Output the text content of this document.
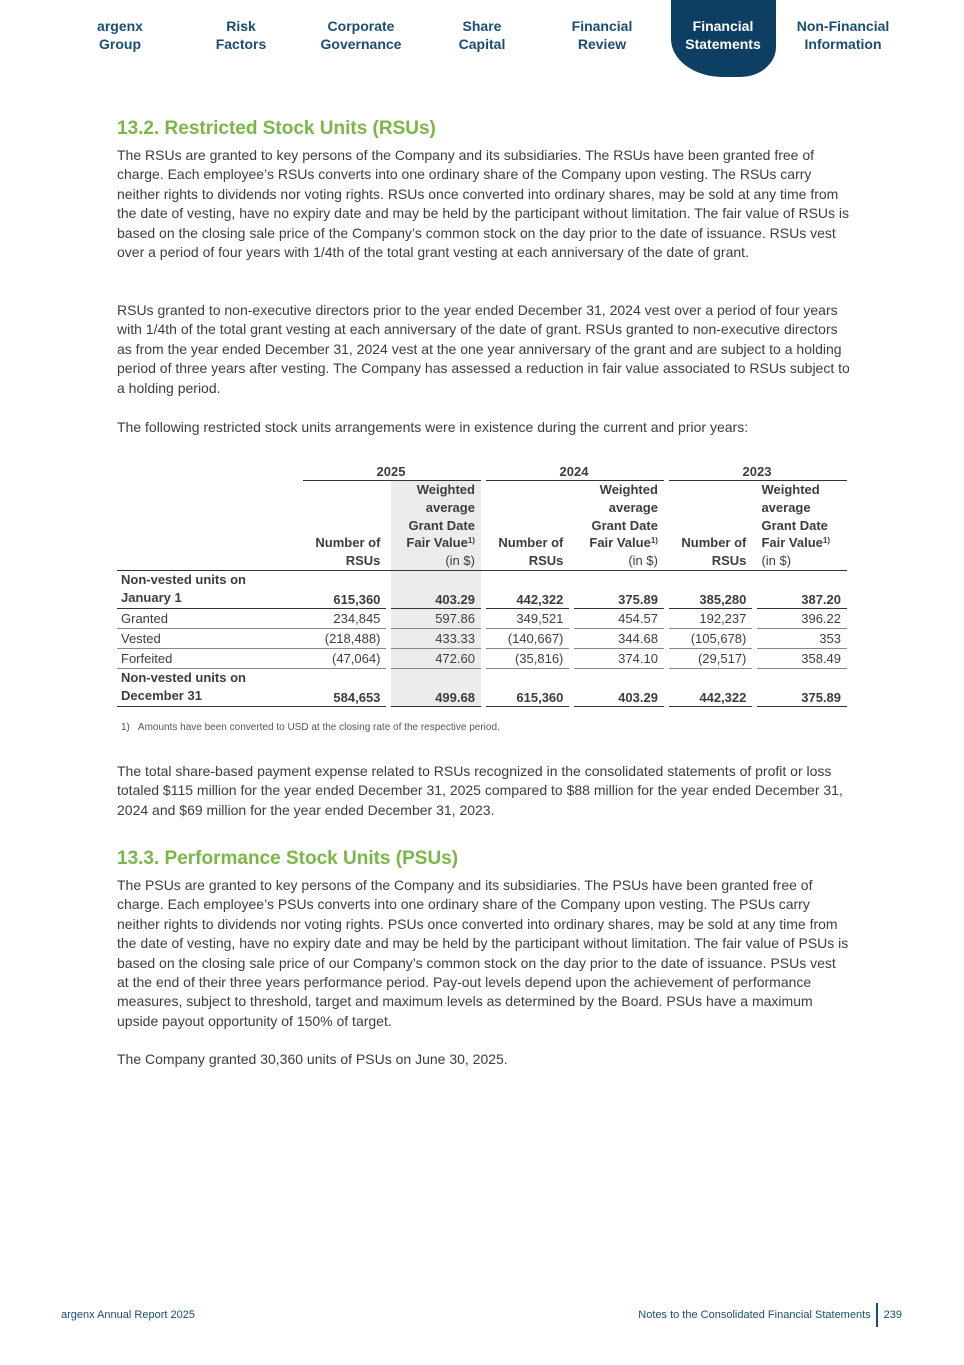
argenx
Group
Risk
Factors
Corporate
Governance
Share
Capital
Financial
Review
Financial
Statements
Non-Financial
Information
13.2. Restricted Stock Units (RSUs)

The RSUs are granted to key persons of the Company and its subsidiaries. The RSUs have been granted free of charge. Each employee’s RSUs converts into one ordinary share of the Company upon vesting. The RSUs carry neither rights to dividends nor voting rights. RSUs once converted into ordinary shares, may be sold at any time from the date of vesting, have no expiry date and may be held by the participant without limitation. The fair value of RSUs is based on the closing sale price of the Company’s common stock on the day prior to the date of issuance. RSUs vest over a period of four years with 1/4th of the total grant vesting at each anniversary of the date of grant.

RSUs granted to non-executive directors prior to the year ended December 31, 2024 vest over a period of four years with 1/4th of the total grant vesting at each anniversary of the date of grant. RSUs granted to non-executive directors as from the year ended December 31, 2024 vest at the one year anniversary of the grant and are subject to a holding period of three years after vesting. The Company has assessed a reduction in fair value associated to RSUs subject to a holding period.

The following restricted stock units arrangements were in existence during the current and prior years:

	2025				2024				2023		
	Number of
RSUs		Weighted
average
Grant Date
Fair Value$^{1)}$
(in $)		Number of
RSUs		Weighted
average
Grant Date
Fair Value$^{1)}$
(in $)		Number of
RSUs		Weighted
average
Grant Date
Fair Value$^{1)}$
(in $)

Non-vested units on
January 1	615,360		403.29		442,322		375.89		385,280		387.20
Granted	234,845		597.86		349,521		454.57		192,237		396.22
Vested	(218,488)		433.33		(140,667)		344.68		(105,678)		353
Forfeited	(47,064)		472.60		(35,816)		374.10		(29,517)		358.49
Non-vested units on
December 31	584,653		499.68		615,360		403.29		442,322		375.89
1) Amounts have been converted to USD at the closing rate of the respective period.

The total share-based payment expense related to RSUs recognized in the consolidated statements of profit or loss totaled $115 million for the year ended December 31, 2025 compared to $88 million for the year ended December 31, 2024 and $69 million for the year ended December 31, 2023.

13.3. Performance Stock Units (PSUs)

The PSUs are granted to key persons of the Company and its subsidiaries. The PSUs have been granted free of charge. Each employee’s PSUs converts into one ordinary share of the Company upon vesting. The PSUs carry neither rights to dividends nor voting rights. PSUs once converted into ordinary shares, may be sold at any time from the date of vesting, have no expiry date and may be held by the participant without limitation. The fair value of PSUs is based on the closing sale price of our Company’s common stock on the day prior to the date of issuance. PSUs vest at the end of their three years performance period. Pay-out levels depend upon the achievement of performance measures, subject to threshold, target and maximum levels as determined by the Board. PSUs have a maximum upside payout opportunity of 150% of target.

The Company granted 30,360 units of PSUs on June 30, 2025.

argenx Annual Report 2025	Notes to the Consolidated Financial Statements 239
